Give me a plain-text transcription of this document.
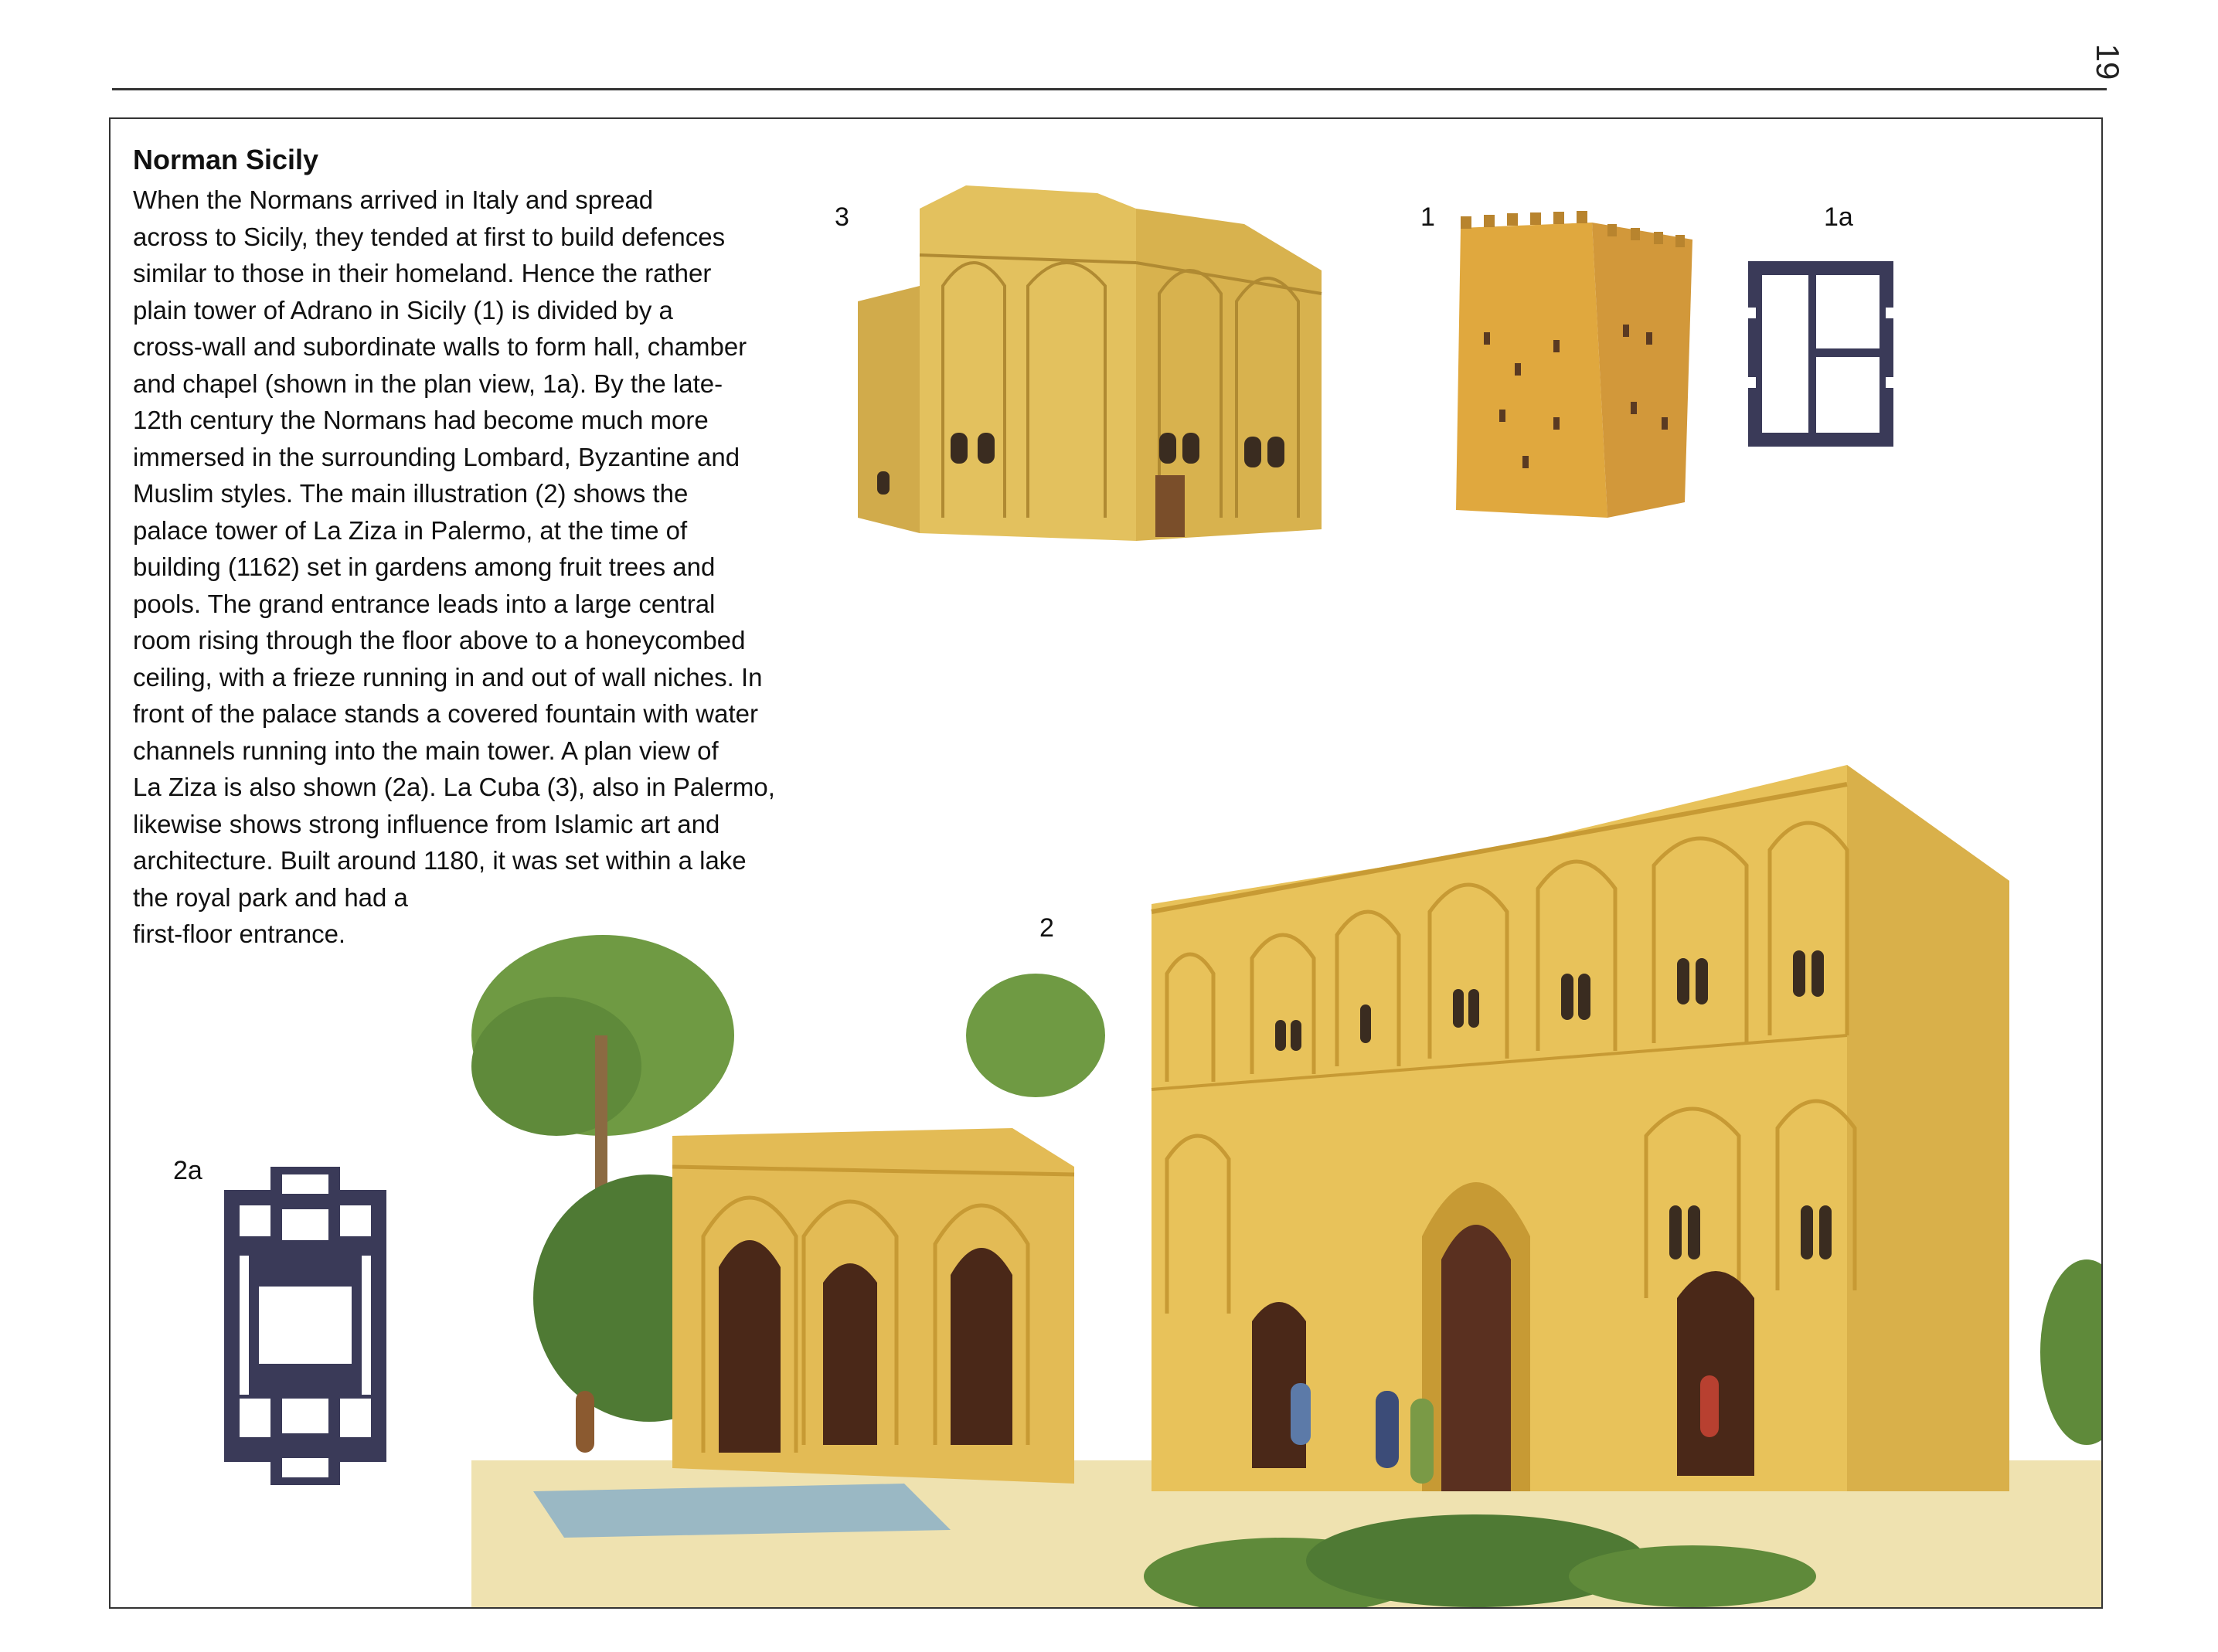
19
Norman Sicily
When the Normans arrived in Italy and spread
across to Sicily, they tended at first to build defences
similar to those in their homeland. Hence the rather
plain tower of Adrano in Sicily (1) is divided by a
cross-wall and subordinate walls to form hall, chamber
and chapel (shown in the plan view, 1a). By the late-
12th century the Normans had become much more
immersed in the surrounding Lombard, Byzantine and
Muslim styles. The main illustration (2) shows the
palace tower of La Ziza in Palermo, at the time of
building (1162) set in gardens among fruit trees and
pools. The grand entrance leads into a large central
room rising through the floor above to a honeycombed
ceiling, with a frieze running in and out of wall niches. In
front of the palace stands a covered fountain with water
channels running into the main tower. A plan view of
La Ziza is also shown (2a). La Cuba (3), also in Palermo,
likewise shows strong influence from Islamic art and
architecture. Built around 1180, it was set within a lake
the royal park and had a
first-floor entrance.
3	1	1a
2
2a
